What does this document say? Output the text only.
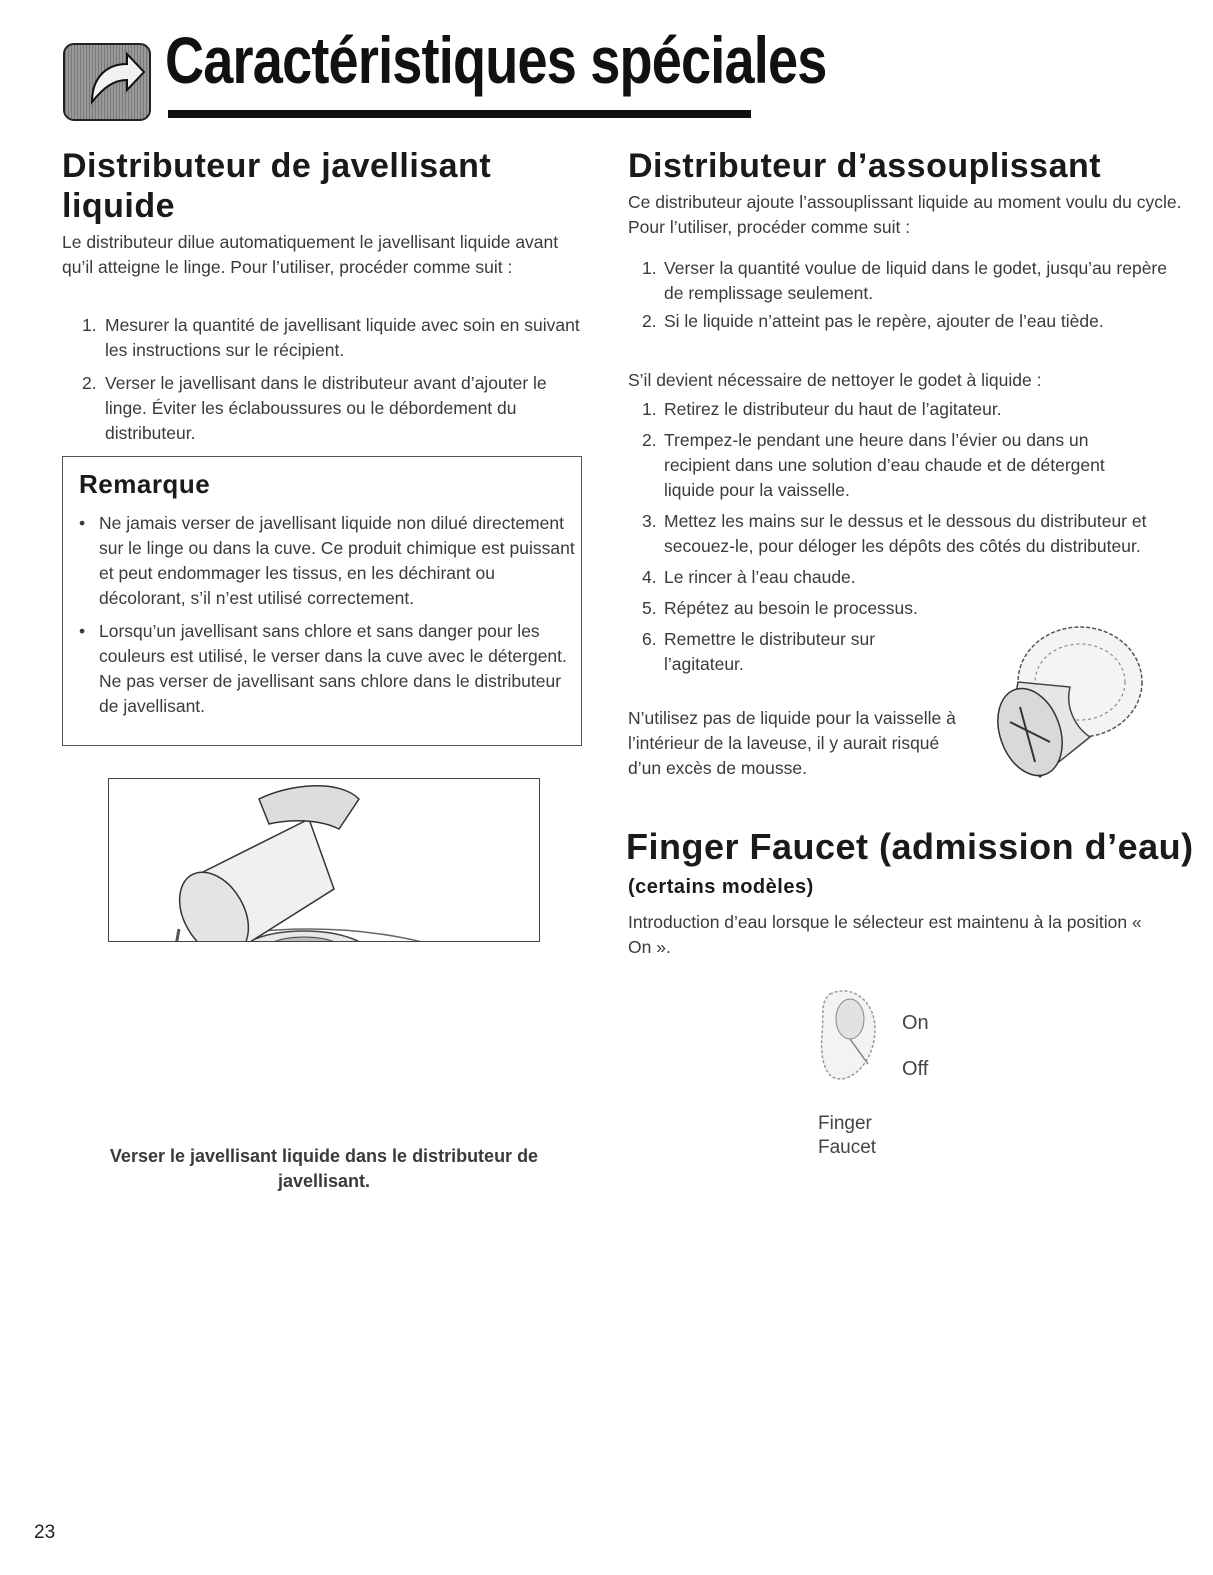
Caractéristiques spéciales
Distributeur de javellisant liquide

Le distributeur dilue automatiquement le javellisant liquide avant qu’il atteigne le linge. Pour l’utiliser, procéder comme suit :

1. Mesurer la quantité de javellisant liquide avec soin en suivant les instructions sur le récipient.
2. Verser le javellisant dans le distributeur avant d’ajouter le linge. Éviter les éclaboussures ou le débordement du distributeur.
Remarque
• Ne jamais verser de javellisant liquide non dilué directement sur le linge ou dans la cuve. Ce produit chimique est puissant et peut endommager les tissus, en les déchirant ou décolorant, s’il n’est utilisé correctement.
• Lorsqu’un javellisant sans chlore et sans danger pour les couleurs est utilisé, le verser dans la cuve avec le détergent. Ne pas verser de javellisant sans chlore dans le distributeur de javellisant.

Verser le javellisant liquide dans le distributeur de javellisant.

Distributeur d’assouplissant

Ce distributeur ajoute l’assouplissant liquide au moment voulu du cycle. Pour l’utiliser, procéder comme suit :

1. Verser la quantité voulue de liquid dans le godet, jusqu’au repère de remplissage seulement.
2. Si le liquide n’atteint pas le repère, ajouter de l’eau tiède.

S’il devient nécessaire de nettoyer le godet à liquide :

1. Retirez le distributeur du haut de l’agitateur.
2. Trempez-le pendant une heure dans l’évier ou dans un recipient dans une solution d’eau chaude et de détergent liquide pour la vaisselle.
3. Mettez les mains sur le dessus et le dessous du distributeur et secouez-le, pour déloger les dépôts des côtés du distributeur.
4. Le rincer à l’eau chaude.
5. Répétez au besoin le processus.
6. Remettre le distributeur sur l’agitateur.

N’utilisez pas de liquide pour la vaisselle à l’intérieur de la laveuse, il y aurait risqué d’un excès de mousse.

Finger Faucet (admission d’eau)
(certains modèles)

Introduction d’eau lorsque le sélecteur est maintenu à la position « On ».

On

Off

Finger
Faucet

23
